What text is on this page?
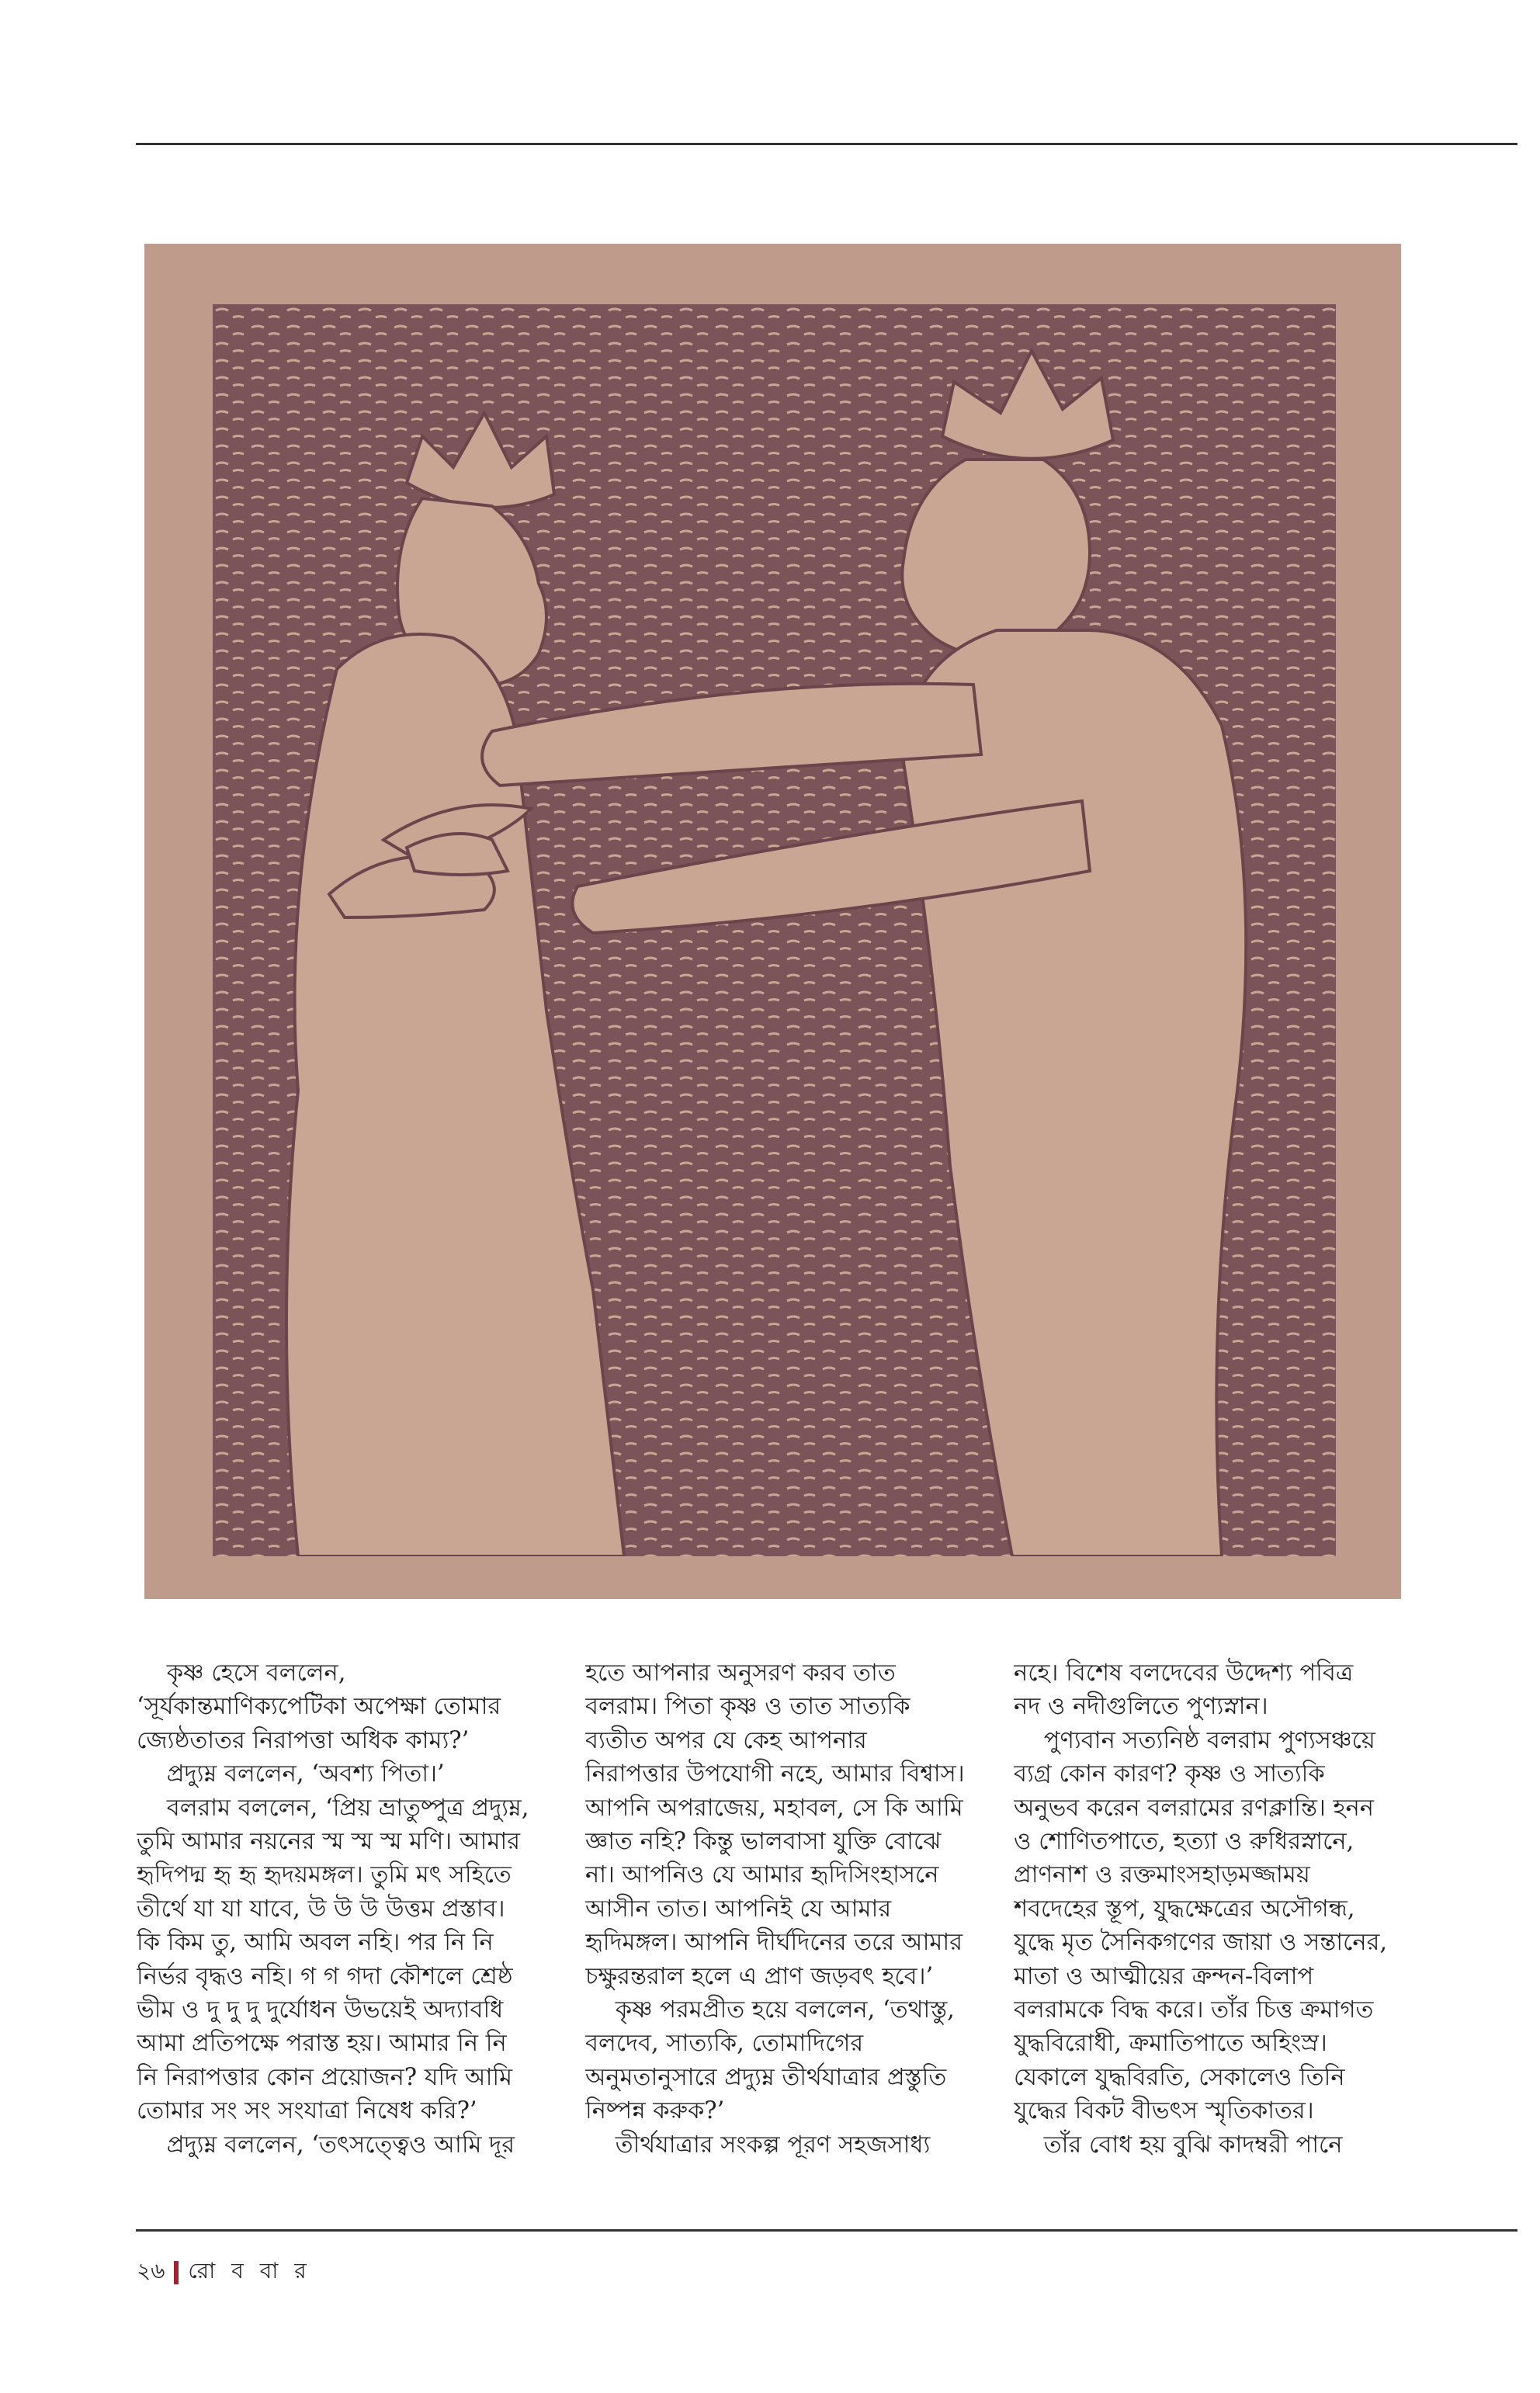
কৃষ্ণ হেসে বললেন,

‘সূর্যকান্তমাণিক্যপেটিকা অপেক্ষা তোমার

জ্যেষ্ঠতাতর নিরাপত্তা অধিক কাম্য?’

প্রদ্যুম্ন বললেন, ‘অবশ্য পিতা।’

বলরাম বললেন, ‘প্রিয় ভ্রাতুষ্পুত্র প্রদ্যুম্ন,

তুমি আমার নয়নের স্ম স্ম স্ম মণি। আমার

হৃদিপদ্ম হৃ হৃ হৃদয়মঙ্গল। তুমি মৎ সহিতে

তীর্থে যা যা যাবে, উ উ উ উত্তম প্রস্তাব।

কি কিম তু, আমি অবল নহি। পর নি নি

নির্ভর বৃদ্ধও নহি। গ গ গদা কৌশলে শ্রেষ্ঠ

ভীম ও দু দু দু দুর্যোধন উভয়েই অদ্যাবধি

আমা প্রতিপক্ষে পরাস্ত হয়। আমার নি নি

নি নিরাপত্তার কোন প্রয়োজন? যদি আমি

তোমার সং সং সংযাত্রা নিষেধ করি?’

প্রদ্যুম্ন বললেন, ‘তৎসত্ত্বেও আমি দূর

হতে আপনার অনুসরণ করব তাত

বলরাম। পিতা কৃষ্ণ ও তাত সাত্যকি

ব্যতীত অপর যে কেহ আপনার

নিরাপত্তার উপযোগী নহে, আমার বিশ্বাস।

আপনি অপরাজেয়, মহাবল, সে কি আমি

জ্ঞাত নহি? কিন্তু ভালবাসা যুক্তি বোঝে

না। আপনিও যে আমার হৃদিসিংহাসনে

আসীন তাত। আপনিই যে আমার

হৃদিমঙ্গল। আপনি দীর্ঘদিনের তরে আমার

চক্ষুরন্তরাল হলে এ প্রাণ জড়বৎ হবে।’

কৃষ্ণ পরমপ্রীত হয়ে বললেন, ‘তথাস্তু,

বলদেব, সাত্যকি, তোমাদিগের

অনুমতানুসারে প্রদ্যুম্ন তীর্থযাত্রার প্রস্তুতি

নিষ্পন্ন করুক?’

তীর্থযাত্রার সংকল্প পূরণ সহজসাধ্য

নহে। বিশেষ বলদেবের উদ্দেশ্য পবিত্র

নদ ও নদীগুলিতে পুণ্যস্নান।

পুণ্যবান সত্যনিষ্ঠ বলরাম পুণ্যসঞ্চয়ে

ব্যগ্র কোন কারণ? কৃষ্ণ ও সাত্যকি

অনুভব করেন বলরামের রণক্লান্তি। হনন

ও শোণিতপাতে, হত্যা ও রুধিরস্নানে,

প্রাণনাশ ও রক্তমাংসহাড়মজ্জাময়

শবদেহের স্তূপ, যুদ্ধক্ষেত্রের অসৌগন্ধ,

যুদ্ধে মৃত সৈনিকগণের জায়া ও সন্তানের,

মাতা ও আত্মীয়ের ক্রন্দন-বিলাপ

বলরামকে বিদ্ধ করে। তাঁর চিত্ত ক্রমাগত

যুদ্ধবিরোধী, ক্রমাতিপাতে অহিংস্র।

যেকালে যুদ্ধবিরতি, সেকালেও তিনি

যুদ্ধের বিকট বীভৎস স্মৃতিকাতর।

তাঁর বোধ হয় বুঝি কাদম্বরী পানে

২৬ রো ব বা র
